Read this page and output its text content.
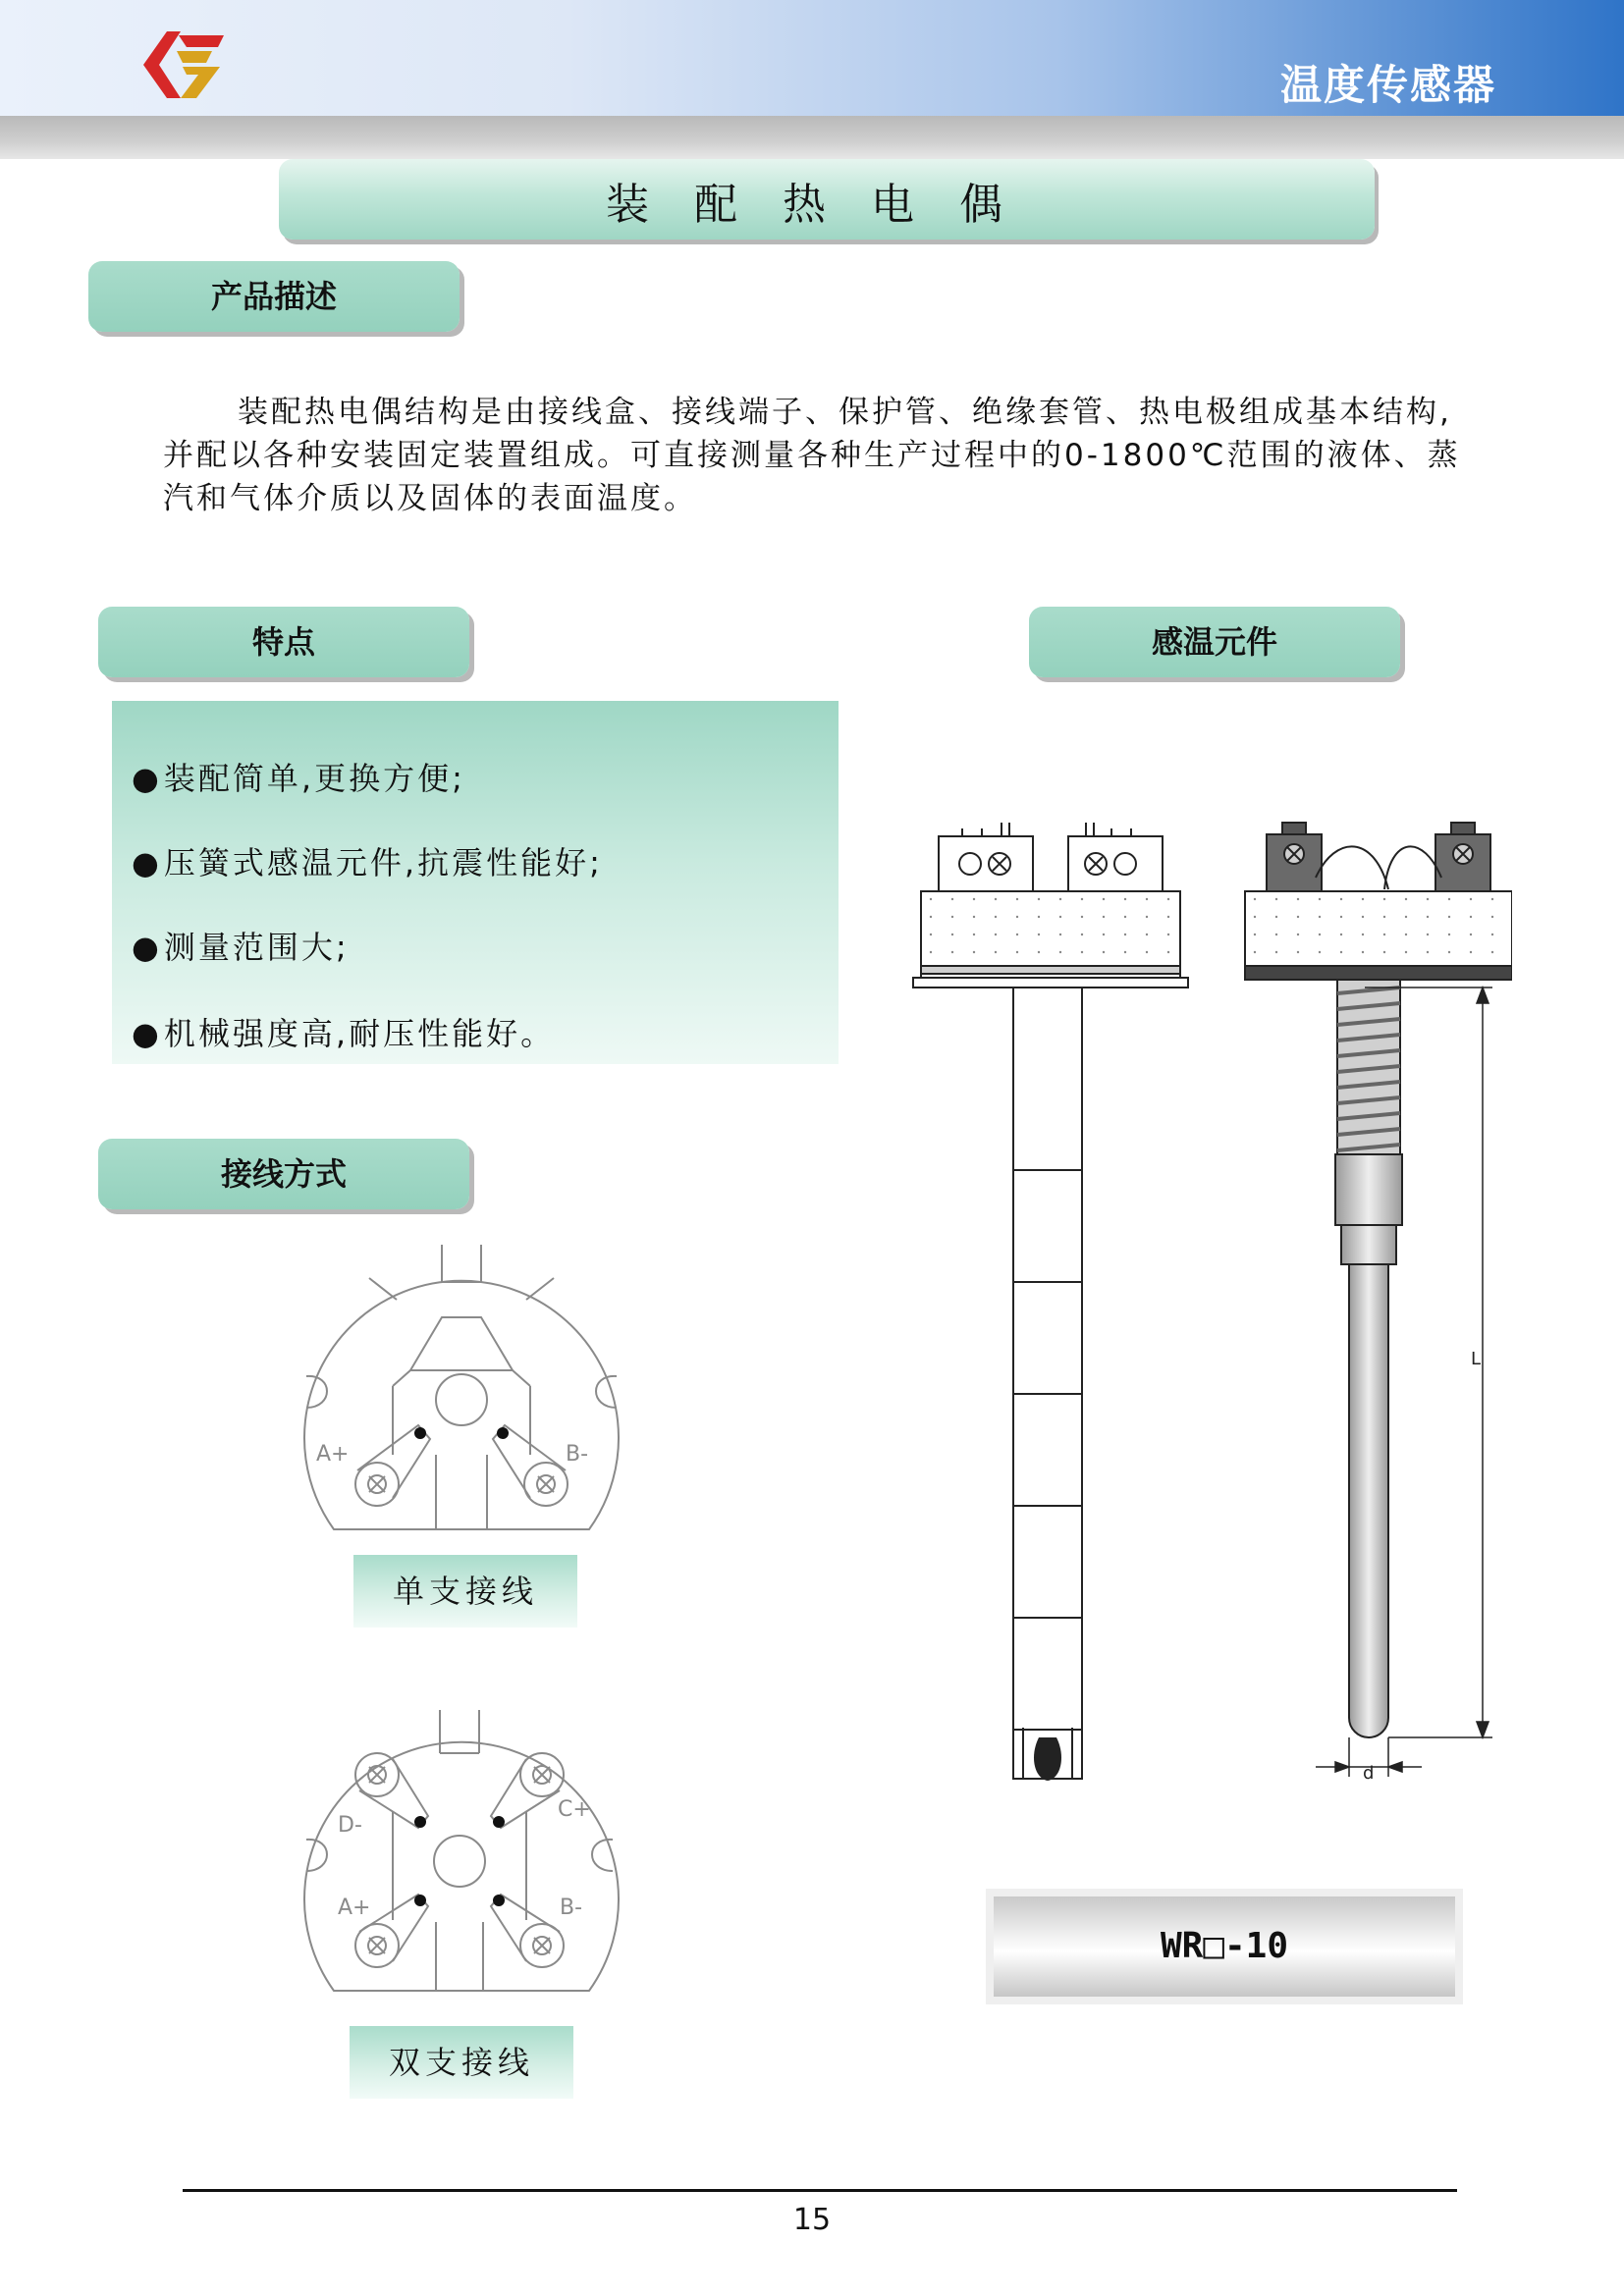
温度传感器
装配热电偶
产品描述

装配热电偶结构是由接线盒、接线端子、保护管、绝缘套管、热电极组成基本结构,并配以各种安装固定装置组成。可直接测量各种生产过程中的0-1800℃范围的液体、蒸汽和气体介质以及固体的表面温度。

特点
●装配简单,更换方便;
●压簧式感温元件,抗震性能好;
●测量范围大;
●机械强度高,耐压性能好。
感温元件
接线方式
A+	B-
单支接线
D-
C+
A+	B-
双支接线
L
d
WR□-10
15
